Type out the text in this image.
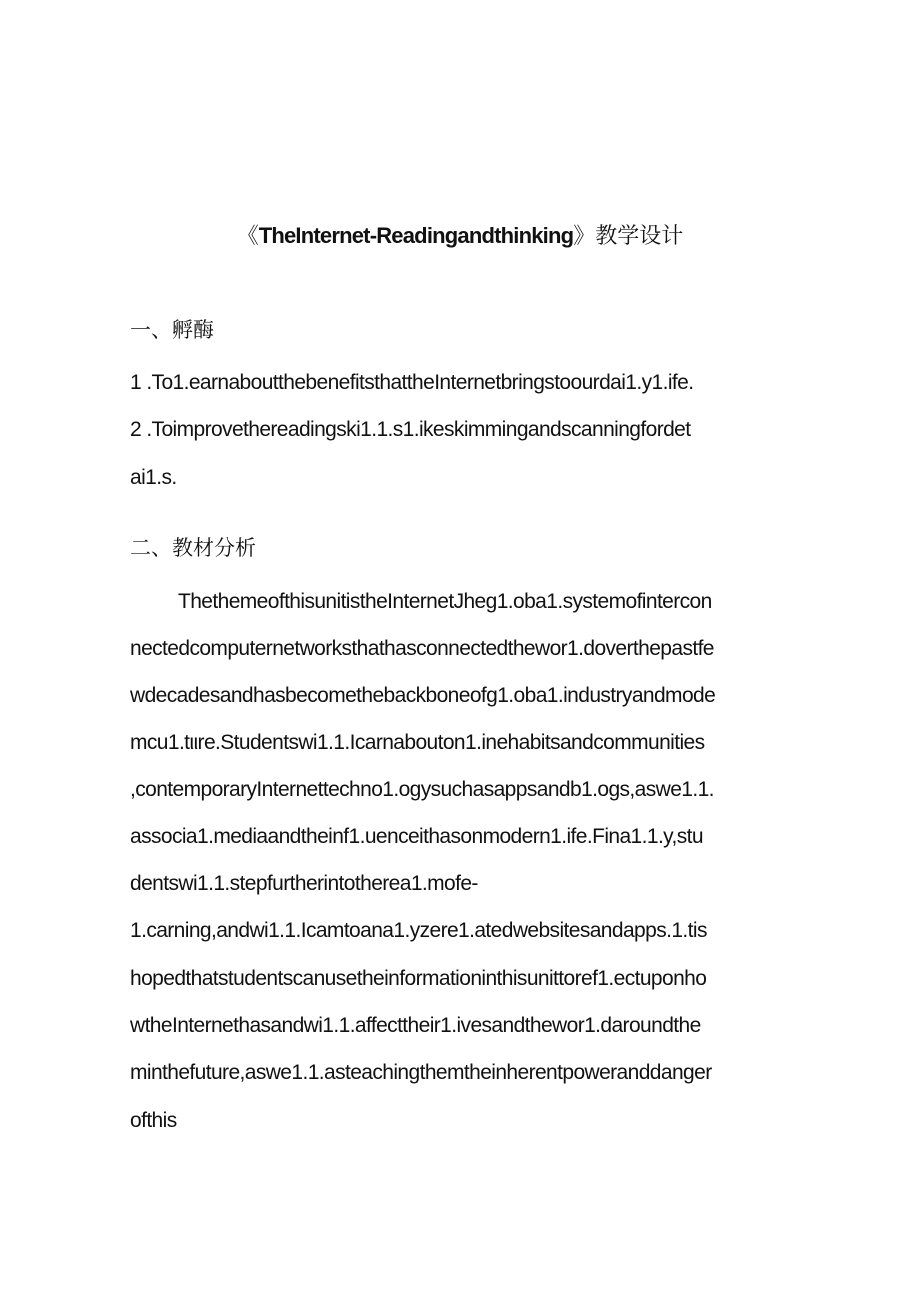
《TheInternet-Readingandthinking》教学设计
一、孵酶
1 .To1.earnaboutthebenefitsthattheInternetbringstoourdai1.y1.ife.
2 .Toimprovethereadingski1.1.s1.ikeskimmingandscanningfordet
ai1.s.
二、教材分析
ThethemeofthisunitistheInternetJheg1.oba1.systemofintercon
nectedcomputernetworksthathasconnectedthewor1.doverthepastfe
wdecadesandhasbecomethebackboneofg1.oba1.industryandmode
mcu1.tιιre.Studentswi1.1.Icarnabouton1.inehabitsandcommunities
,contemporaryInternettechno1.ogysuchasappsandb1.ogs,aswe1.1.
associa1.mediaandtheinf1.uenceithasonmodern1.ife.Fina1.1.y,stu
dentswi1.1.stepfurtherintotherea1.mofe-
1.carning,andwi1.1.Icamtoana1.yzere1.atedwebsitesandapps.1.tis
hopedthatstudentscanusetheinformationinthisunittoref1.ectuponho
wtheInternethasandwi1.1.affecttheir1.ivesandthewor1.daroundthe
minthefuture,aswe1.1.asteachingthemtheinherentpoweranddanger
ofthis
